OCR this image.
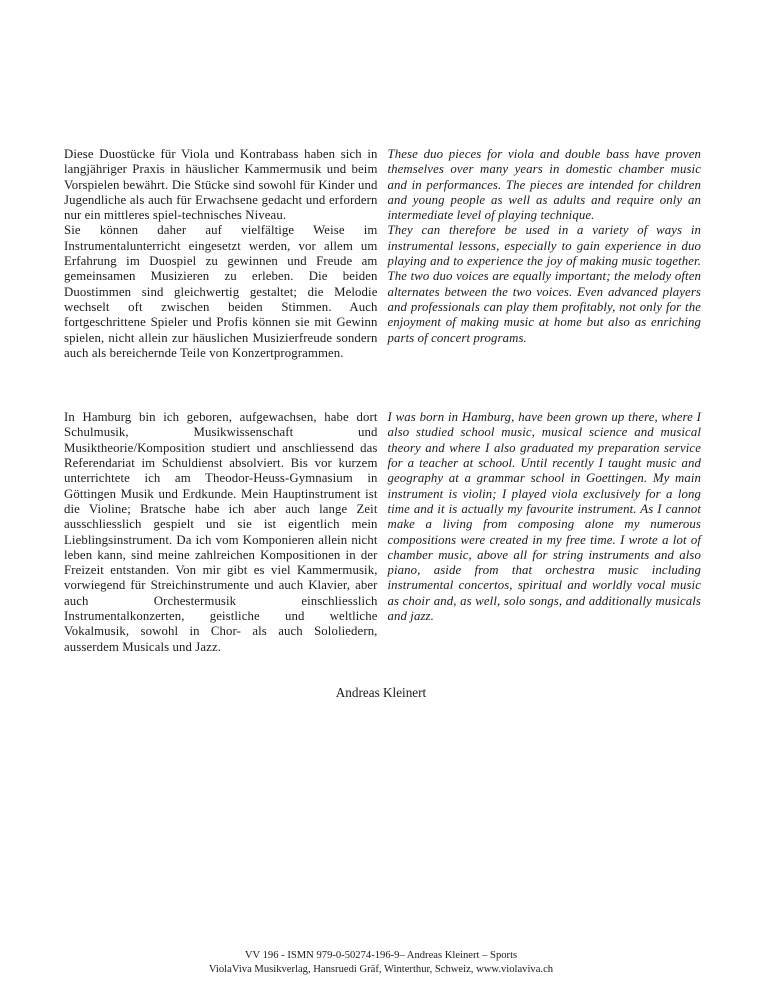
Diese Duostücke für Viola und Kontrabass haben sich in langjähriger Praxis in häuslicher Kammermusik und beim Vorspielen bewährt. Die Stücke sind sowohl für Kinder und Jugendliche als auch für Erwachsene gedacht und erfordern nur ein mittleres spiel-technisches Niveau.

Sie können daher auf vielfältige Weise im Instrumentalunterricht eingesetzt werden, vor allem um Erfahrung im Duospiel zu gewinnen und Freude am gemeinsamen Musizieren zu erleben. Die beiden Duostimmen sind gleichwertig gestaltet; die Melodie wechselt oft zwischen beiden Stimmen. Auch fortgeschrittene Spieler und Profis können sie mit Gewinn spielen, nicht allein zur häuslichen Musizierfreude sondern auch als bereichernde Teile von Konzertprogrammen.

These duo pieces for viola and double bass have proven themselves over many years in domestic chamber music and in performances. The pieces are intended for children and young people as well as adults and require only an intermediate level of playing technique.

They can therefore be used in a variety of ways in instrumental lessons, especially to gain experience in duo playing and to experience the joy of making music together. The two duo voices are equally important; the melody often alternates between the two voices. Even advanced players and professionals can play them profitably, not only for the enjoyment of making music at home but also as enriching parts of concert programs.

In Hamburg bin ich geboren, aufgewachsen, habe dort Schulmusik, Musikwissenschaft und Musiktheorie/Komposition studiert und anschliessend das Referendariat im Schuldienst absolviert. Bis vor kurzem unterrichtete ich am Theodor-Heuss-Gymnasium in Göttingen Musik und Erdkunde. Mein Hauptinstrument ist die Violine; Bratsche habe ich aber auch lange Zeit ausschliesslich gespielt und sie ist eigentlich mein Lieblingsinstrument. Da ich vom Komponieren allein nicht leben kann, sind meine zahlreichen Kompositionen in der Freizeit entstanden. Von mir gibt es viel Kammermusik, vorwiegend für Streichinstrumente und auch Klavier, aber auch Orchestermusik einschliesslich Instrumentalkonzerten, geistliche und weltliche Vokalmusik, sowohl in Chor- als auch Sololiedern, ausserdem Musicals und Jazz.

I was born in Hamburg, have been grown up there, where I also studied school music, musical science and musical theory and where I also graduated my preparation service for a teacher at school. Until recently I taught music and geography at a grammar school in Goettingen. My main instrument is violin; I played viola exclusively for a long time and it is actually my favourite instrument. As I cannot make a living from composing alone my numerous compositions were created in my free time. I wrote a lot of chamber music, above all for string instruments and also piano, aside from that orchestra music including instrumental concertos, spiritual and worldly vocal music as choir and, as well, solo songs, and additionally musicals and jazz.

Andreas Kleinert

VV 196 - ISMN 979-0-50274-196-9– Andreas Kleinert – Sports
ViolaViva Musikverlag, Hansruedi Gräf, Winterthur, Schweiz, www.violaviva.ch
